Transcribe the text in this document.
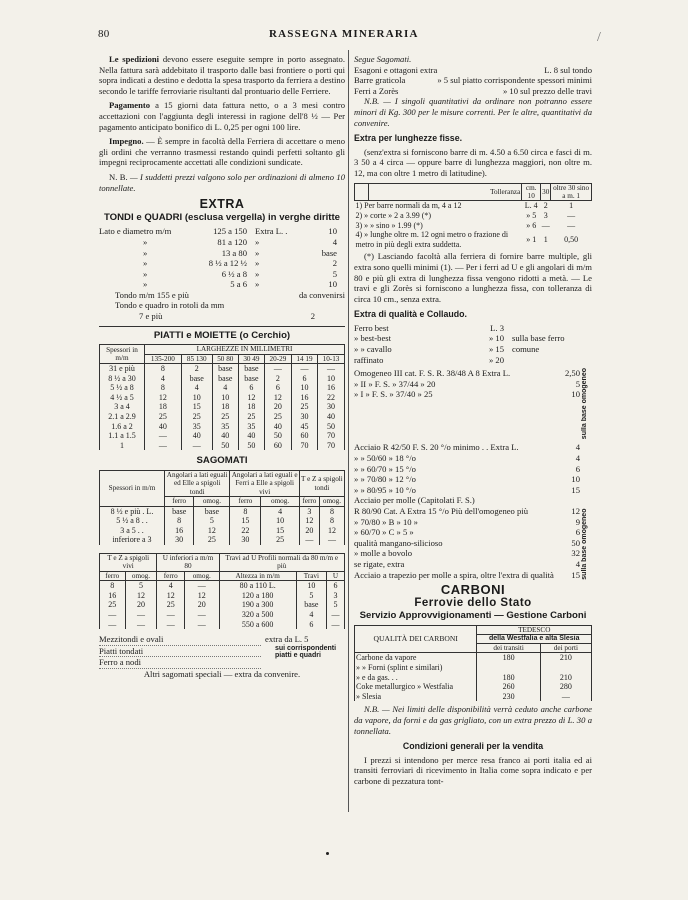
80	RASSEGNA MINERARIA	/

Le spedizioni devono essere eseguite sempre in porto assegnato. Nella fattura sarà addebitato il trasporto dalle basi frontiere o porti qui sopra indicati a destino e dedotta la spesa trasporto da ferriera a destino secondo le tariffe ferroviarie risultanti dal prontuario delle Ferriere.

Pagamento a 15 giorni data fattura netto, o a 3 mesi contro accettazioni con l'aggiunta degli interessi in ragione dell'8 ½ — Per pagamento anticipato bonifico di L. 0,25 per ogni 100 lire.

Impegno. — È sempre in facoltà della Ferriera di accettare o meno gli ordini che verranno trasmessi restando quindi perfetti soltanto gli impegni reciprocamente accettati alle condizioni sundicate.

N. B. — I suddetti prezzi valgono solo per ordinazioni di almeno 10 tonnellate.

EXTRA
TONDI e QUADRI (esclusa vergella) in verghe diritte
Lato e diametro m/m	125 a 150 Extra L. .	10
»	81 a 120 »	4
»	13 a 80 »	base
»	8 ½ a 12 ½ »	2
»	6 ½ a 8 »	5
»	5 a 6 »	10
Tondo m/m 155 e più	da convenirsi
Tondo e quadro in rotoli da mm
7 e più	2
PIATTI e MOIETTE (o Cerchio)
Spessori in m/m	LARGHEZZE IN MILLIMETRI						
	135-200	85 130	50 80	30 49	20-29	14 19	10-13
31 e più	8	2	base	base	—	—	—
8 ½ a 30	4	base	base	base	2	6	10
5 ½ a 8	8	4	4	6	6	10	16
4 ½ a 5	12	10	10	12	12	16	22
3 a 4	18	15	18	18	20	25	30
2.1 a 2.9	25	25	25	25	25	30	40
1.6 a 2	40	35	35	35	40	45	50
1.1 a 1.5	—	40	40	40	50	60	70
1	—	—	50	50	60	70	70
SAGOMATI
Spessori in m/m	Angolari a lati eguali ed Elle a spigoli tondi		Angolari a lati eguali e Ferri a Elle a spigoli vivi		T e Z a spigoli tondi	
	ferro	omog.	ferro	omog.	ferro	omog.
8 ½ e più . L.	base	base	8	4	3	8
5 ½ a 8 . .	8	5	15	10	12	8
3 a 5 . .	16	12	22	15	20	12
inferiore a 3	30	25	30	25	—	—
T e Z a spigoli vivi		U inferiori a m/m 80		Travi ad U Profili normali da 80 m/m e più		
ferro	omog.	ferro	omog.	Altezza in m/m	Travi	U
8	5	4	—	80 a 110 L.	10	6
16	12	12	12	120 a 180	5	3
25	20	25	20	190 a 300	base	5
—	—	—	—	320 a 500	4	—
—	—	—	—	550 a 600	6	—
Mezzitondi e ovali
Piatti tondati
Ferro a nodi
extra da L. 5
sui corrispondenti piatti e quadri
Altri sagomati speciali — extra da convenire.
Segue Sagomati.
Esagoni e ottagoni extra	L. 8 sul tondo
Barre graticola	» 5 sul piatto corrispondente spessori minimi
Ferri a Zorès	» 10 sul prezzo delle travi

N.B. — I singoli quantitativi da ordinare non potranno essere minori di Kg. 300 per le misure correnti. Per le altre, quantitativi da convenire.

Extra per lunghezze fisse.

(senz'extra si forniscono barre di m. 4.50 a 6.50 circa e fasci di m. 3 50 a 4 circa — oppure barre di lunghezza maggiori, non oltre m. 12, ma con oltre 1 metro di latitudine).

	Tolleranza	cm. 10	30	oltre 30 sino a m. 1
1) Per barre normali da m, 4 a 12		L. 4	2	1
2) » corte » 2 a 3.99 (*)		» 5	3	—
3) » » sino » 1.99 (*)		» 6	—	—
4) » lunghe oltre m. 12 ogni metro o frazione di metro in più degli extra suddetta.		» 1	1	0,50

(*) Lasciando facoltà alla ferriera di fornire barre multiple, gli extra sono quelli minimi (1). — Per i ferri ad U e gli angolari di m/m 80 e più gli extra di lunghezza fissa vengono ridotti a metà. — Le travi e gli Zorès si forniscono a lunghezza fissa, con tolleranza di circa 10 cm., senza extra.

Extra di qualità e Collaudo.
Ferro best	L. 3
» best-best	» 10
» » cavallo	» 15
raffinato	» 20
sulla base ferro comune
Omogeneo III cat. F. S. R. 38/48 A 8 Extra L.	2,50
» II » F. S. » 37/44 » 20	5
» I » F. S. » 37/40 » 25	10 sulla base omogeneo
Acciaio R 42/50 F. S. 20 °/o minimo . . Extra L.	4
» » 50/60 » 18 °/o	4
» » 60/70 » 15 °/o	6
» » 70/80 » 12 °/o	10
» » 80/95 » 10 °/o	15
Acciaio per molle (Capitolati F. S.)
R 80/90 Cat. A Extra 15 °/o Più dell'omogeneo più	12
» 70/80 » B » 10 »	9
» 60/70 » C » 5 »	6
qualità mangano-silicioso	50
» molle a bovolo	32
se rigate, extra	4
Acciaio a trapezio per molle a spira, oltre l'extra di qualità	15 sulla base omogeneo
CARBONI
Ferrovie dello Stato
Servizio Approvvigionamenti — Gestione Carboni
QUALITÀ DEI CARBONI	TEDESCO	
	della Westfalia e alta Slesia	
	dei transiti	dei porti
Carbone da vapore	180	210
» » Forni (splint e similari)		
» e da gas. . .	180	210
Coke metallurgico » Westfalia	260	280
» Slesia	230	—

N.B. — Nei limiti delle disponibilità verrà ceduto anche carbone da vapore, da forni e da gas grigliato, con un extra prezzo di L. 30 a tonnellata.

Condizioni generali per la vendita

I prezzi si intendono per merce resa franco ai porti italia ed ai transiti ferroviari di ricevimento in Italia come sopra indicato e per carbone di pezzatura tont-
